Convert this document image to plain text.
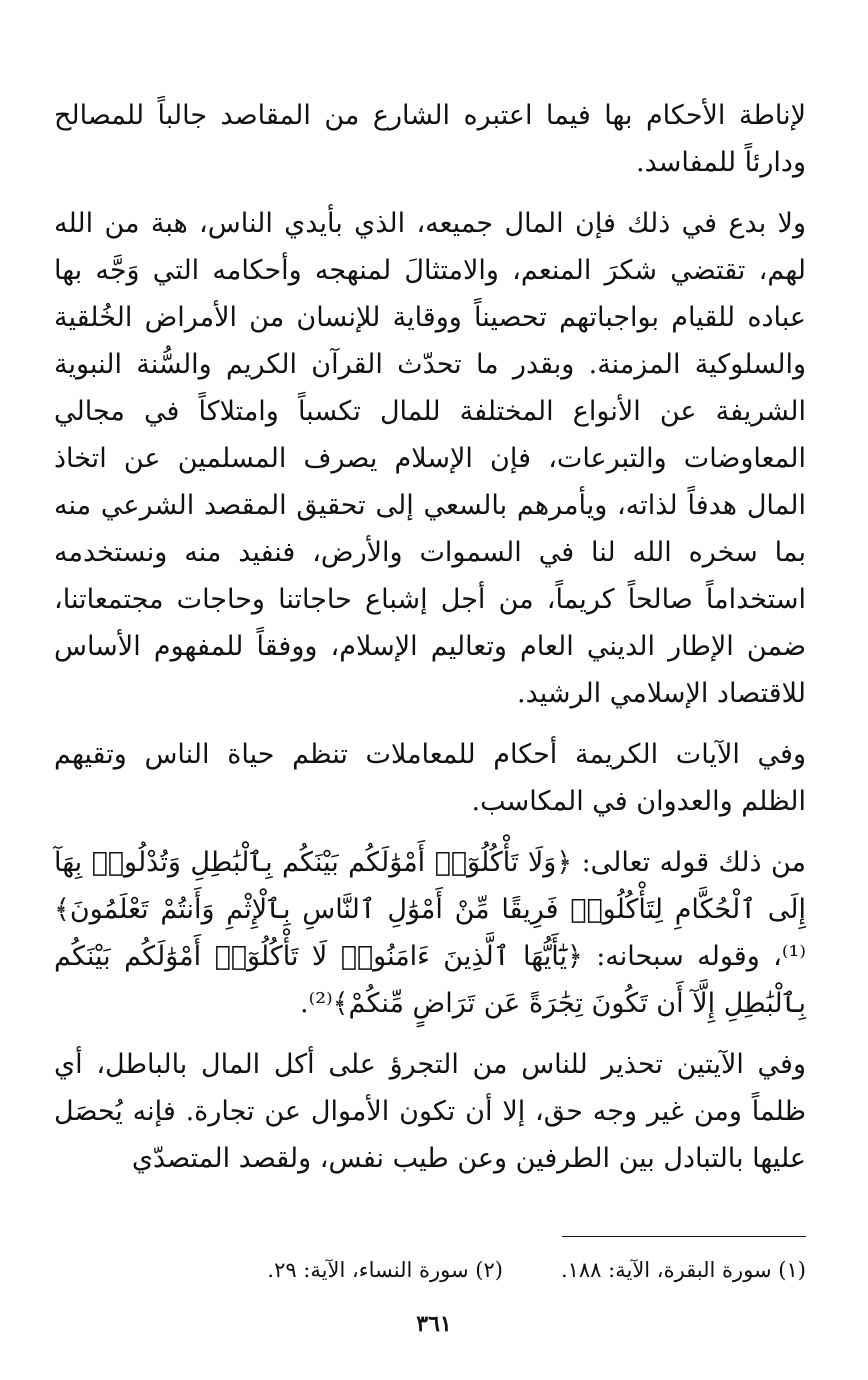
لإناطة الأحكام بها فيما اعتبره الشارع من المقاصد جالباً للمصالح ودارئاً للمفاسد.

ولا بدع في ذلك فإن المال جميعه، الذي بأيدي الناس، هبة من الله لهم، تقتضي شكرَ المنعم، والامتثالَ لمنهجه وأحكامه التي وَجَّه بها عباده للقيام بواجباتهم تحصيناً ووقاية للإنسان من الأمراض الخُلقية والسلوكية المزمنة. وبقدر ما تحدّث القرآن الكريم والسُّنة النبوية الشريفة عن الأنواع المختلفة للمال تكسباً وامتلاكاً في مجالي المعاوضات والتبرعات، فإن الإسلام يصرف المسلمين عن اتخاذ المال هدفاً لذاته، ويأمرهم بالسعي إلى تحقيق المقصد الشرعي منه بما سخره الله لنا في السموات والأرض، فنفيد منه ونستخدمه استخداماً صالحاً كريماً، من أجل إشباع حاجاتنا وحاجات مجتمعاتنا، ضمن الإطار الديني العام وتعاليم الإسلام، ووفقاً للمفهوم الأساس للاقتصاد الإسلامي الرشيد.

وفي الآيات الكريمة أحكام للمعاملات تنظم حياة الناس وتقيهم الظلم والعدوان في المكاسب.

من ذلك قوله تعالى: ﴿وَلَا تَأْكُلُوٓا۟ أَمْوَٰلَكُم بَيْنَكُم بِٱلْبَٰطِلِ وَتُدْلُوا۟ بِهَآ إِلَى ٱلْحُكَّامِ لِتَأْكُلُوا۟ فَرِيقًا مِّنْ أَمْوَٰلِ ٱلنَّاسِ بِٱلْإِثْمِ وَأَنتُمْ تَعْلَمُونَ﴾⁽¹⁾، وقوله سبحانه: ﴿يَٰٓأَيُّهَا ٱلَّذِينَ ءَامَنُوا۟ لَا تَأْكُلُوٓا۟ أَمْوَٰلَكُم بَيْنَكُم بِٱلْبَٰطِلِ إِلَّآ أَن تَكُونَ تِجَٰرَةً عَن تَرَاضٍ مِّنكُمْ﴾⁽²⁾.

وفي الآيتين تحذير للناس من التجرؤ على أكل المال بالباطل، أي ظلماً ومن غير وجه حق، إلا أن تكون الأموال عن تجارة. فإنه يُحصَل عليها بالتبادل بين الطرفين وعن طيب نفس، ولقصد المتصدّي

(١) سورة البقرة، الآية: ١٨٨.
(٢) سورة النساء، الآية: ٢٩.
٣٦١
